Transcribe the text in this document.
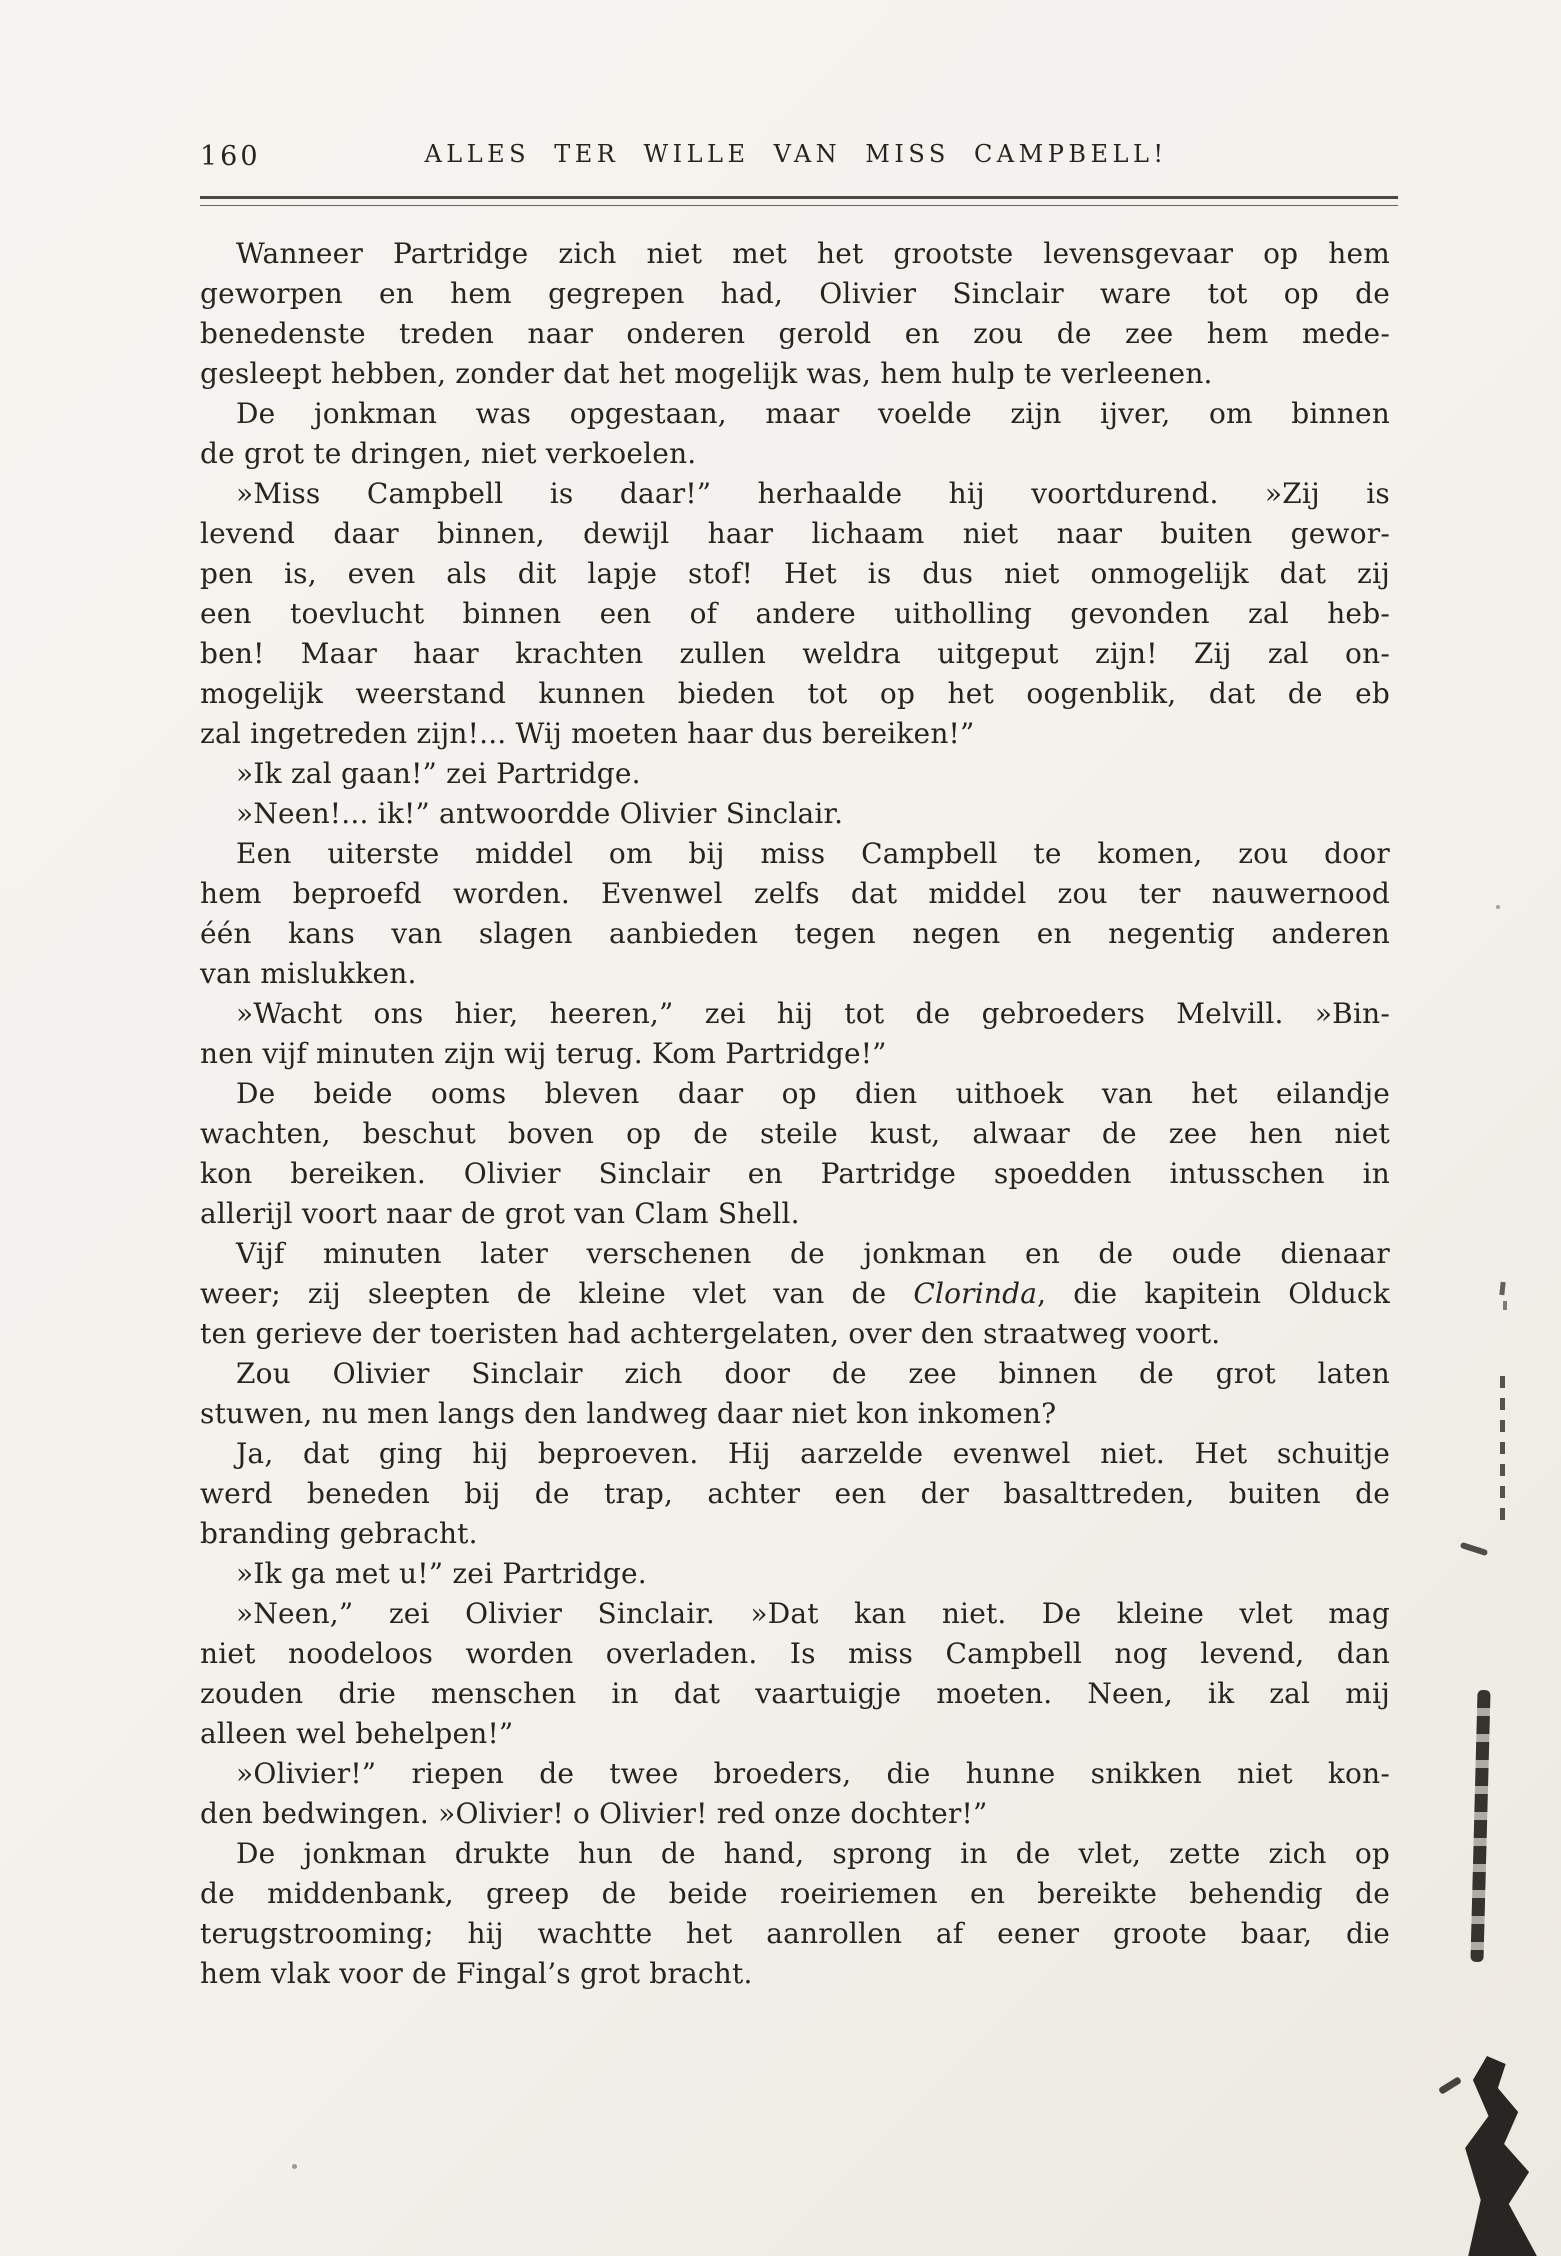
160	ALLES TER WILLE VAN MISS CAMPBELL!
Wanneer Partridge zich niet met het grootste levensgevaar op hem
geworpen en hem gegrepen had, Olivier Sinclair ware tot op de
benedenste treden naar onderen gerold en zou de zee hem mede-
gesleept hebben, zonder dat het mogelijk was, hem hulp te verleenen.
De jonkman was opgestaan, maar voelde zijn ijver, om binnen
de grot te dringen, niet verkoelen.
»Miss Campbell is daar!” herhaalde hij voortdurend. »Zij is
levend daar binnen, dewijl haar lichaam niet naar buiten gewor-
pen is, even als dit lapje stof! Het is dus niet onmogelijk dat zij
een toevlucht binnen een of andere uitholling gevonden zal heb-
ben! Maar haar krachten zullen weldra uitgeput zijn! Zij zal on-
mogelijk weerstand kunnen bieden tot op het oogenblik, dat de eb
zal ingetreden zijn!... Wij moeten haar dus bereiken!”
»Ik zal gaan!” zei Partridge.
»Neen!... ik!” antwoordde Olivier Sinclair.
Een uiterste middel om bij miss Campbell te komen, zou door
hem beproefd worden. Evenwel zelfs dat middel zou ter nauwernood
één kans van slagen aanbieden tegen negen en negentig anderen
van mislukken.
»Wacht ons hier, heeren,” zei hij tot de gebroeders Melvill. »Bin-
nen vijf minuten zijn wij terug. Kom Partridge!”
De beide ooms bleven daar op dien uithoek van het eilandje
wachten, beschut boven op de steile kust, alwaar de zee hen niet
kon bereiken. Olivier Sinclair en Partridge spoedden intusschen in
allerijl voort naar de grot van Clam Shell.
Vijf minuten later verschenen de jonkman en de oude dienaar
weer; zij sleepten de kleine vlet van de Clorinda, die kapitein Olduck
ten gerieve der toeristen had achtergelaten, over den straatweg voort.
Zou Olivier Sinclair zich door de zee binnen de grot laten
stuwen, nu men langs den landweg daar niet kon inkomen?
Ja, dat ging hij beproeven. Hij aarzelde evenwel niet. Het schuitje
werd beneden bij de trap, achter een der basalttreden, buiten de
branding gebracht.
»Ik ga met u!” zei Partridge.
»Neen,” zei Olivier Sinclair. »Dat kan niet. De kleine vlet mag
niet noodeloos worden overladen. Is miss Campbell nog levend, dan
zouden drie menschen in dat vaartuigje moeten. Neen, ik zal mij
alleen wel behelpen!”
»Olivier!” riepen de twee broeders, die hunne snikken niet kon-
den bedwingen. »Olivier! o Olivier! red onze dochter!”
De jonkman drukte hun de hand, sprong in de vlet, zette zich op
de middenbank, greep de beide roeiriemen en bereikte behendig de
terugstrooming; hij wachtte het aanrollen af eener groote baar, die
hem vlak voor de Fingal’s grot bracht.
